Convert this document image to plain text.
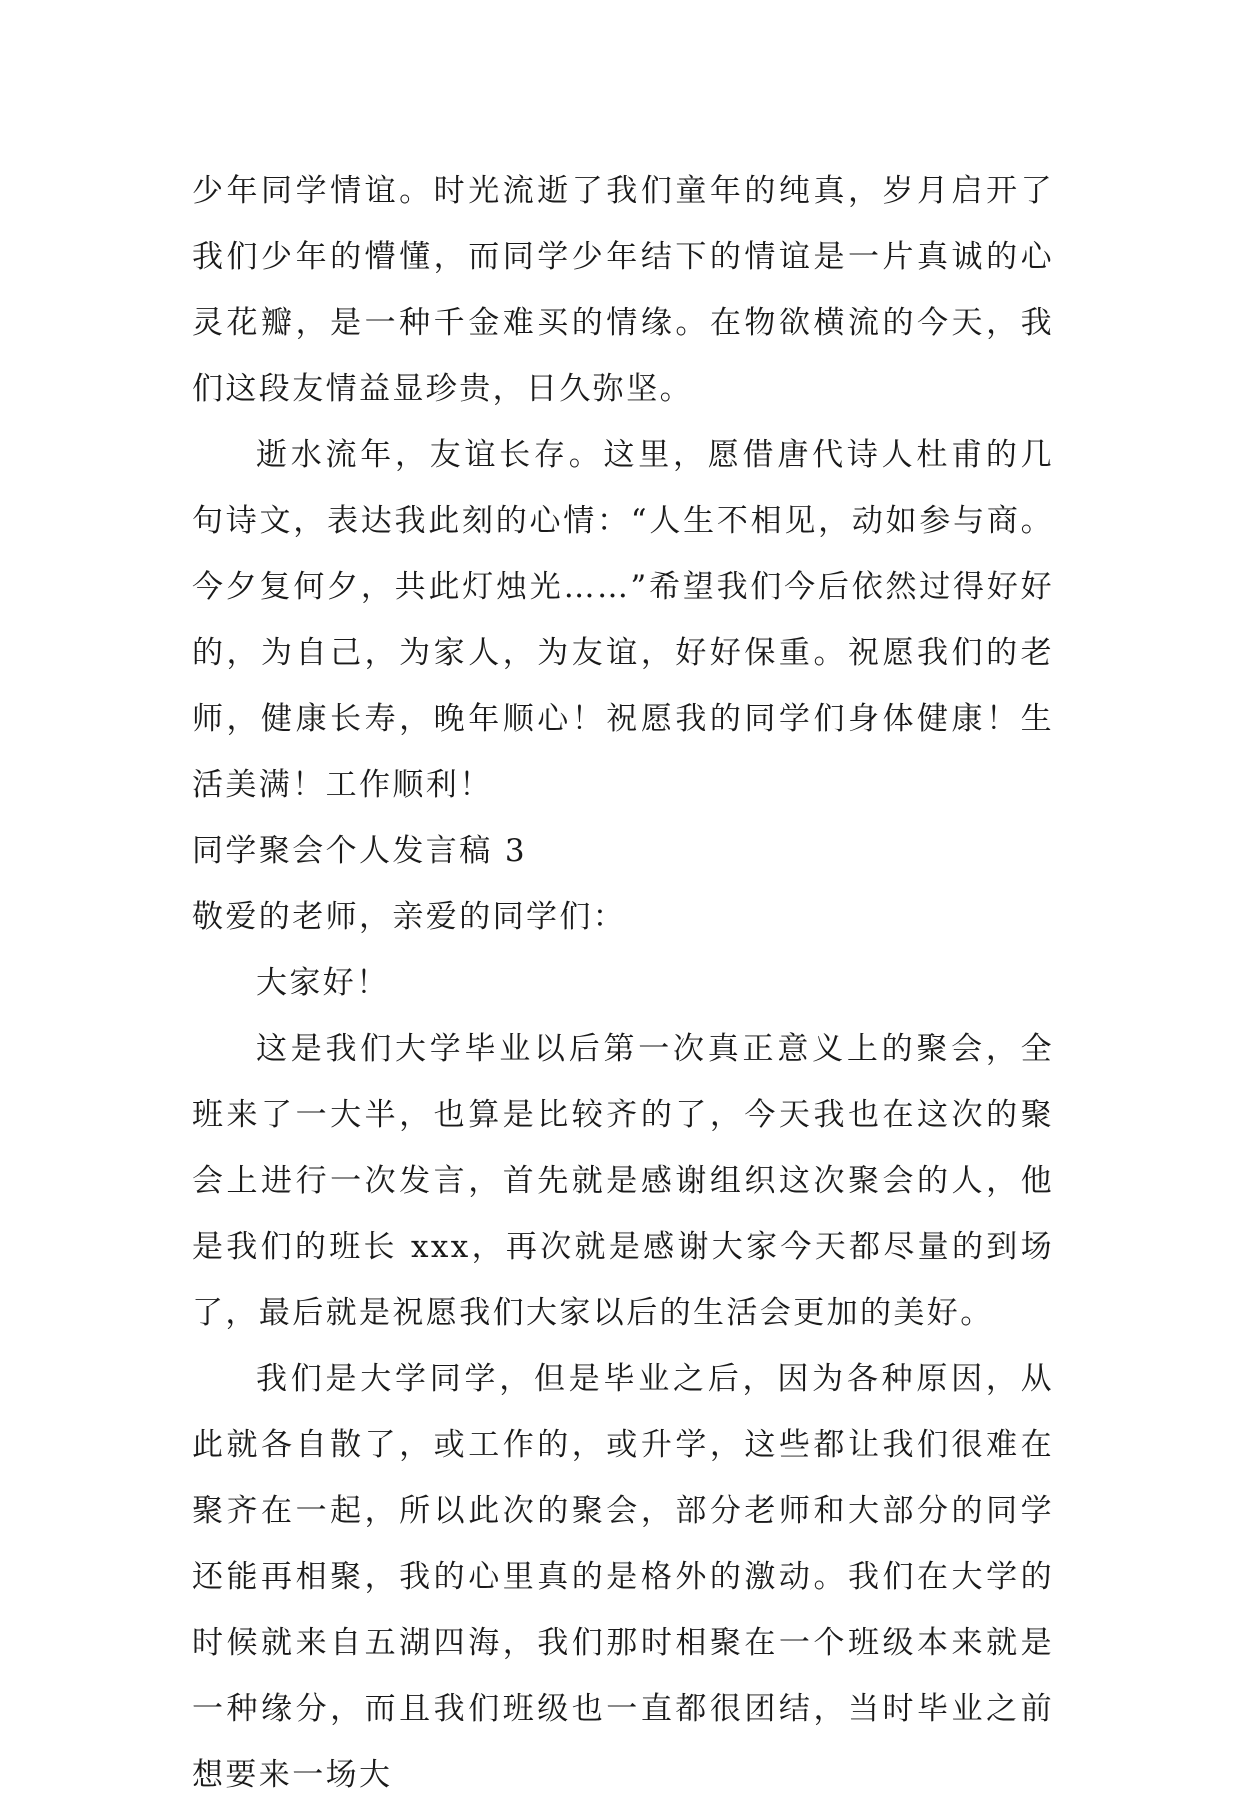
少年同学情谊。时光流逝了我们童年的纯真，岁月启开了我们少年的懵懂，而同学少年结下的情谊是一片真诚的心灵花瓣，是一种千金难买的情缘。在物欲横流的今天，我们这段友情益显珍贵，日久弥坚。

逝水流年，友谊长存。这里，愿借唐代诗人杜甫的几句诗文，表达我此刻的心情：“人生不相见，动如参与商。今夕复何夕，共此灯烛光……”希望我们今后依然过得好好的，为自己，为家人，为友谊，好好保重。祝愿我们的老师，健康长寿，晚年顺心！祝愿我的同学们身体健康！生活美满！工作顺利！

同学聚会个人发言稿 3

敬爱的老师，亲爱的同学们：

大家好！

这是我们大学毕业以后第一次真正意义上的聚会，全班来了一大半，也算是比较齐的了，今天我也在这次的聚会上进行一次发言，首先就是感谢组织这次聚会的人，他是我们的班长 xxx，再次就是感谢大家今天都尽量的到场了，最后就是祝愿我们大家以后的生活会更加的美好。

我们是大学同学，但是毕业之后，因为各种原因，从此就各自散了，或工作的，或升学，这些都让我们很难在聚齐在一起，所以此次的聚会，部分老师和大部分的同学还能再相聚，我的心里真的是格外的激动。我们在大学的时候就来自五湖四海，我们那时相聚在一个班级本来就是一种缘分，而且我们班级也一直都很团结，当时毕业之前想要来一场大
